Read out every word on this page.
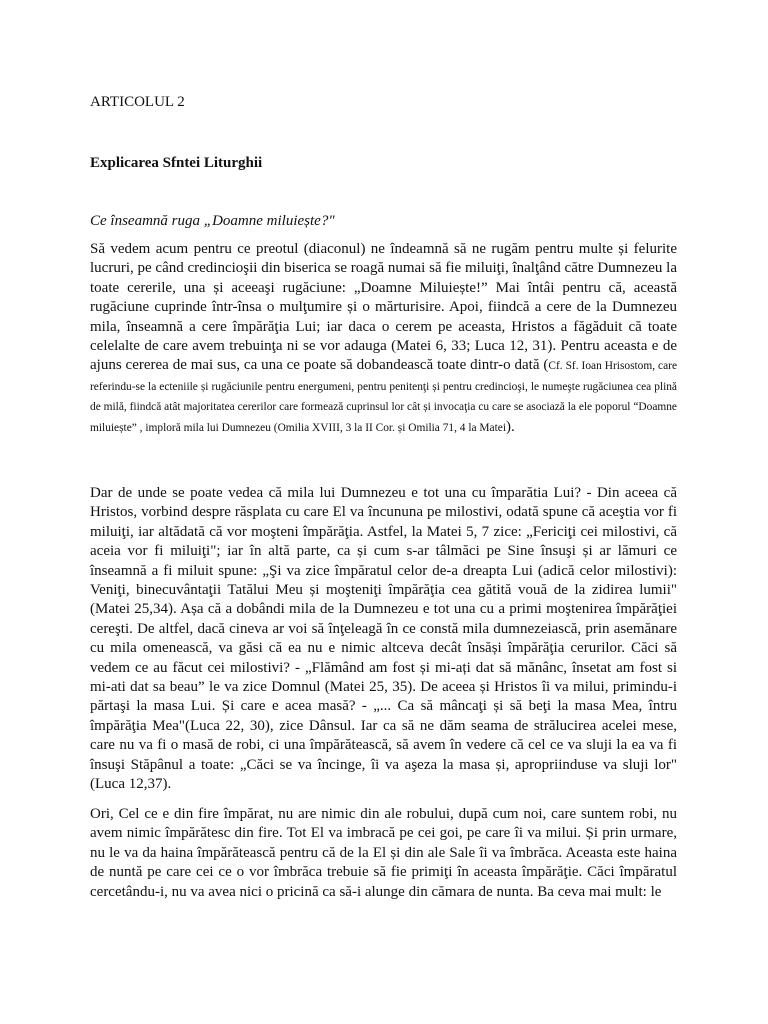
ARTICOLUL 2

Explicarea Sfntei Liturghii

Ce înseamnă ruga „Doamne miluiește?"

Să vedem acum pentru ce preotul (diaconul) ne îndeamnă să ne rugăm pentru multe și felurite lucruri, pe când credincioşii din biserica se roagă numai să fie miluiţi, înalţând către Dumnezeu la toate cererile, una și aceeaşi rugăciune: „Doamne Miluiește!” Mai întâi pentru că, această rugăciune cuprinde într-însa o mulţumire și o mărturisire. Apoi, fiindcă a cere de la Dumnezeu mila, înseamnă a cere împărăţia Lui; iar daca o cerem pe aceasta, Hristos a făgăduit că toate celelalte de care avem trebuinţa ni se vor adauga (Matei 6, 33; Luca 12, 31). Pentru aceasta e de ajuns cererea de mai sus, ca una ce poate să dobandească toate dintr-o dată (Cf. Sf. Ioan Hrisostom, care referindu-se la ecteniile și rugăciunile pentru energumeni, pentru penitenţi și pentru credincioşi, le numeşte rugăciunea cea plină de milă, fiindcă atât majoritatea cererilor care formează cuprinsul lor cât și invocaţia cu care se asociază la ele poporul “Doamne miluiește” , imploră mila lui Dumnezeu (Omilia XVIII, 3 la II Cor. și Omilia 71, 4 la Matei).

Dar de unde se poate vedea că mila lui Dumnezeu e tot una cu împarătia Lui? - Din aceea că Hristos, vorbind despre răsplata cu care El va încununa pe milostivi, odată spune că aceştia vor fi miluiţi, iar altădată că vor moşteni împărăţia. Astfel, la Matei 5, 7 zice: „Fericiţi cei milostivi, că aceia vor fi miluiţi"; iar în altă parte, ca și cum s-ar tâlmăci pe Sine însuşi și ar lămuri ce înseamnă a fi miluit spune: „Şi va zice împăratul celor de-a dreapta Lui (adică celor milostivi): Veniţi, binecuvântaţii Tatălui Meu și moşteniţi împărăţia cea gătită vouă de la zidirea lumii" (Matei 25,34). Așa că a dobândi mila de la Dumnezeu e tot una cu a primi moştenirea împărăţiei cereşti. De altfel, dacă cineva ar voi să înţeleagă în ce constă mila dumnezeiască, prin asemănare cu mila omenească, va găsi că ea nu e nimic altceva decât însăși împărăţia cerurilor. Căci să vedem ce au făcut cei milostivi? - „Flămând am fost și mi-ați dat să mănânc, însetat am fost si mi-ati dat sa beau” le va zice Domnul (Matei 25, 35). De aceea și Hristos îi va milui, primindu-i părtaşi la masa Lui. Și care e acea masă? - „... Ca să mâncaţi și să beţi la masa Mea, întru împărăţia Mea"(Luca 22, 30), zice Dânsul. Iar ca să ne dăm seama de strălucirea acelei mese, care nu va fi o masă de robi, ci una împărătească, să avem în vedere că cel ce va sluji la ea va fi însuşi Stăpânul a toate: „Căci se va încinge, îi va aşeza la masa și, apropriinduse va sluji lor" (Luca 12,37).

Ori, Cel ce e din fire împărat, nu are nimic din ale robului, după cum noi, care suntem robi, nu avem nimic împărătesc din fire. Tot El va imbracă pe cei goi, pe care îi va milui. Și prin urmare, nu le va da haina împărătească pentru că de la El și din ale Sale îi va îmbrăca. Aceasta este haina de nuntă pe care cei ce o vor îmbrăca trebuie să fie primiţi în aceasta împărăţie. Căci împăratul cercetându-i, nu va avea nici o pricină ca să-i alunge din cămara de nunta. Ba ceva mai mult: le
